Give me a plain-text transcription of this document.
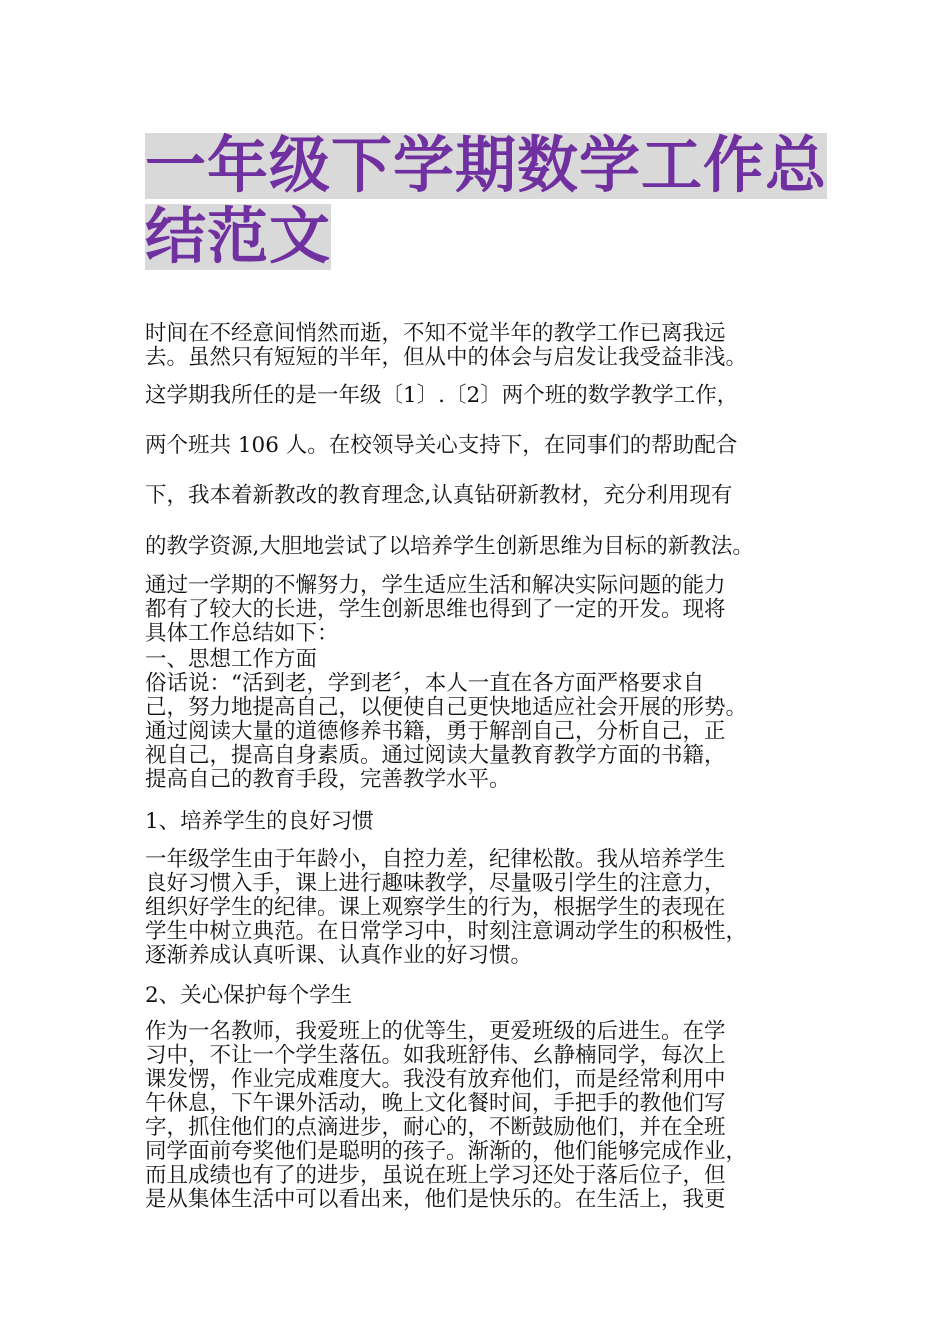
一年级下学期数学工作总
结范文
时间在不经意间悄然而逝，不知不觉半年的教学工作已离我远
去。虽然只有短短的半年，但从中的体会与启发让我受益非浅。
这学期我所任的是一年级〔1〕.〔2〕两个班的数学教学工作，
两个班共 106 人。在校领导关心支持下，在同事们的帮助配合
下，我本着新教改的教育理念,认真钻研新教材，充分利用现有
的教学资源,大胆地尝试了以培养学生创新思维为目标的新教法。
通过一学期的不懈努力，学生适应生活和解决实际问题的能力
都有了较大的长进，学生创新思维也得到了一定的开发。现将
具体工作总结如下：
一、思想工作方面
俗话说：“活到老，学到老〞，本人一直在各方面严格要求自
己，努力地提高自己，以便使自己更快地适应社会开展的形势。
通过阅读大量的道德修养书籍，勇于解剖自己，分析自己，正
视自己，提高自身素质。通过阅读大量教育教学方面的书籍，
提高自己的教育手段，完善教学水平。
1、培养学生的良好习惯
一年级学生由于年龄小，自控力差，纪律松散。我从培养学生
良好习惯入手，课上进行趣味教学，尽量吸引学生的注意力，
组织好学生的纪律。课上观察学生的行为，根据学生的表现在
学生中树立典范。在日常学习中，时刻注意调动学生的积极性，
逐渐养成认真听课、认真作业的好习惯。
2、关心保护每个学生
作为一名教师，我爱班上的优等生，更爱班级的后进生。在学
习中，不让一个学生落伍。如我班舒伟、幺静楠同学，每次上
课发愣，作业完成难度大。我没有放弃他们，而是经常利用中
午休息，下午课外活动，晚上文化餐时间，手把手的教他们写
字，抓住他们的点滴进步，耐心的，不断鼓励他们，并在全班
同学面前夸奖他们是聪明的孩子。渐渐的，他们能够完成作业，
而且成绩也有了的进步，虽说在班上学习还处于落后位子，但
是从集体生活中可以看出来，他们是快乐的。在生活上，我更
